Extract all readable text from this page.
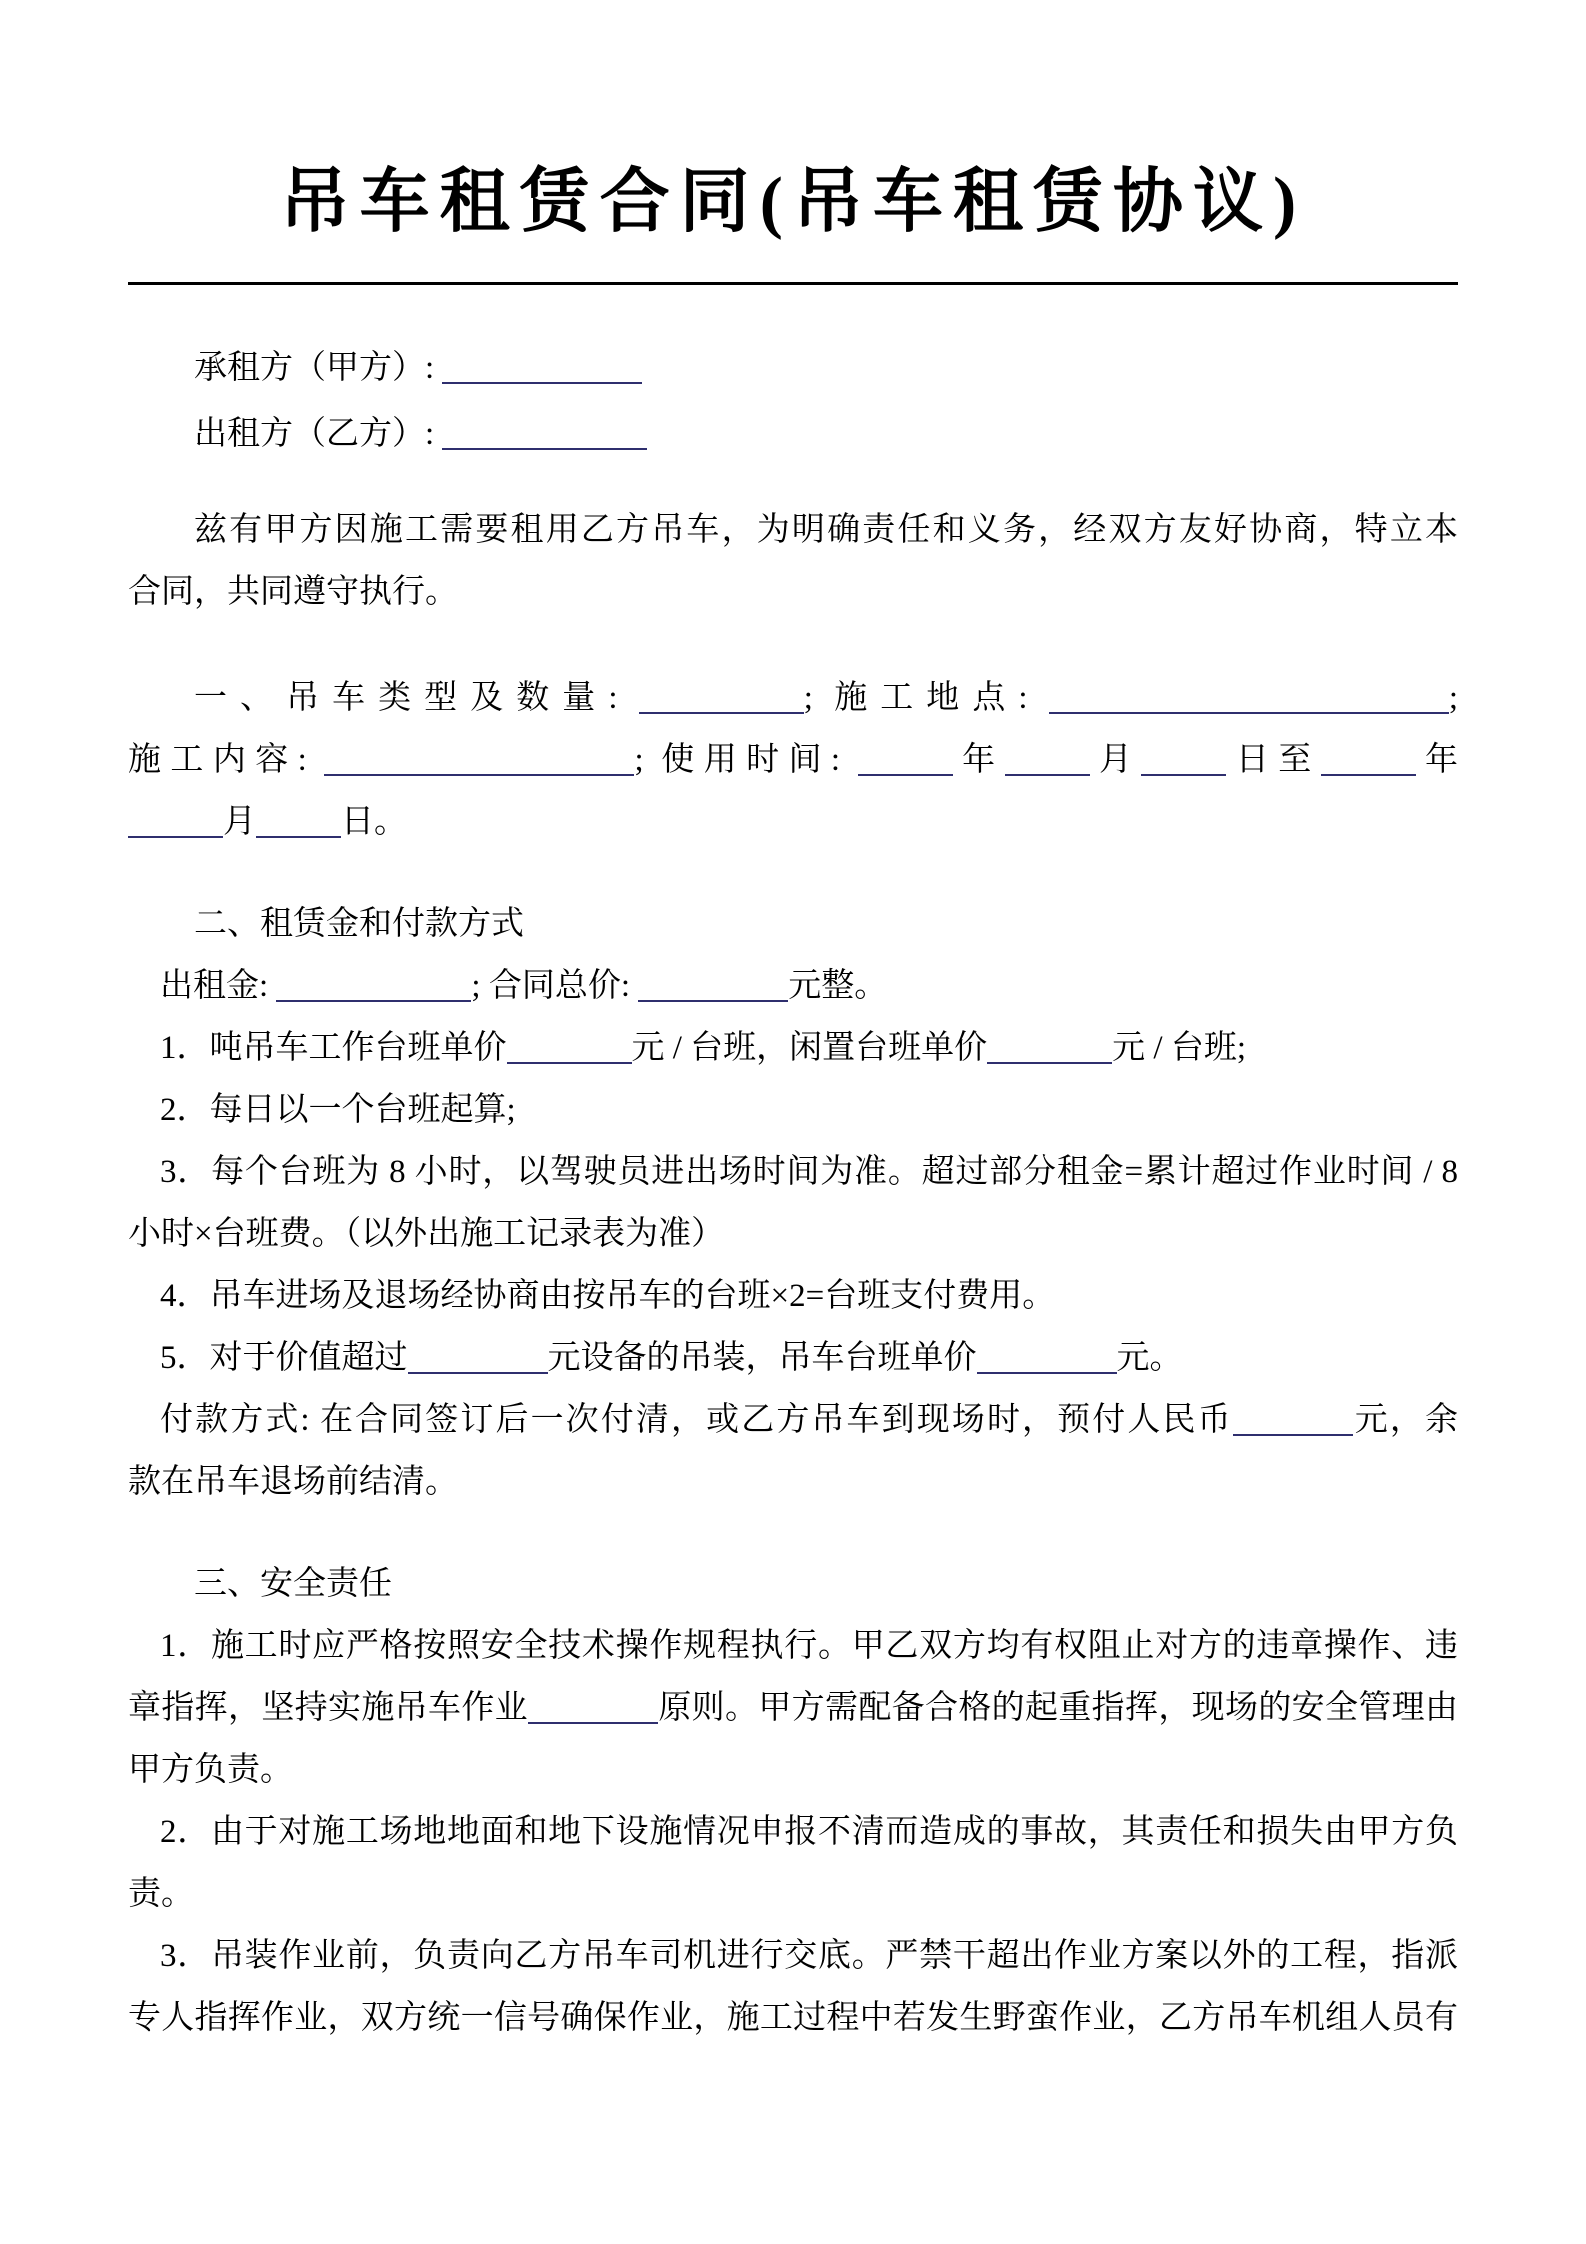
吊车租赁合同(吊车租赁协议)

承租方（甲方）:

出租方（乙方）:

兹有甲方因施工需要租用乙方吊车，为明确责任和义务，经双方友好协商，特立本

合同，共同遵守执行。

一、吊车类型及数量:	; 施工地点:	;

施工内容:	; 使用时间:	年	月	日至	年

月	日。

二、租赁金和付款方式

出租金:	; 合同总价:	元整。

1．吨吊车工作台班单价	元 / 台班，闲置台班单价	元 / 台班;

2．每日以一个台班起算;

3．每个台班为 8 小时，以驾驶员进出场时间为准。超过部分租金=累计超过作业时间 / 8

小时×台班费。（以外出施工记录表为准）

4．吊车进场及退场经协商由按吊车的台班×2=台班支付费用。

5．对于价值超过	元设备的吊装，吊车台班单价	元。

付款方式: 在合同签订后一次付清，或乙方吊车到现场时，预付人民币	元，余

款在吊车退场前结清。

三、安全责任

1．施工时应严格按照安全技术操作规程执行。甲乙双方均有权阻止对方的违章操作、违

章指挥，坚持实施吊车作业	原则。甲方需配备合格的起重指挥，现场的安全管理由

甲方负责。

2．由于对施工场地地面和地下设施情况申报不清而造成的事故，其责任和损失由甲方负

责。

3．吊装作业前，负责向乙方吊车司机进行交底。严禁干超出作业方案以外的工程，指派

专人指挥作业，双方统一信号确保作业，施工过程中若发生野蛮作业，乙方吊车机组人员有
